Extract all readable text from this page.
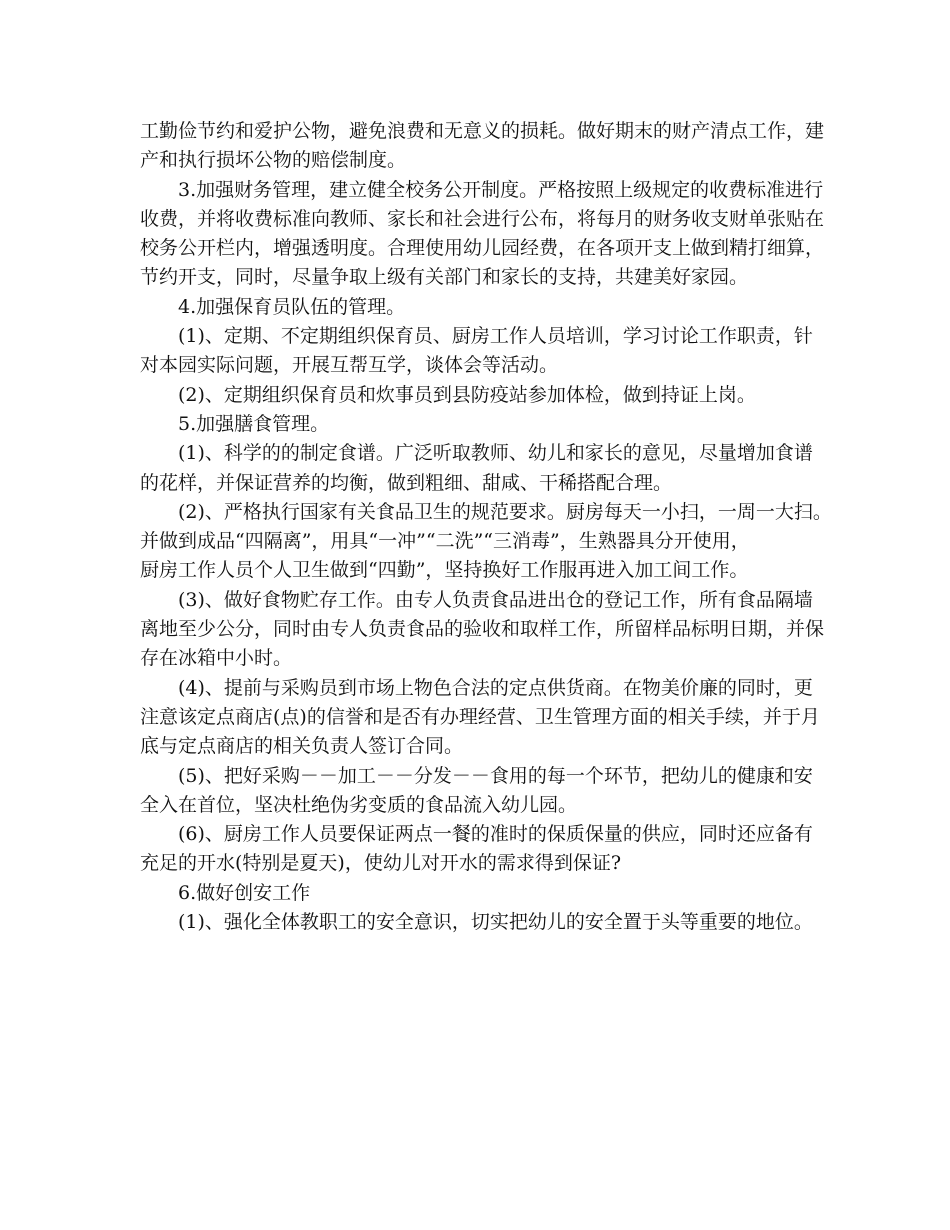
工勤俭节约和爱护公物，避免浪费和无意义的损耗。做好期末的财产清点工作，建
产和执行损坏公物的赔偿制度。

3.加强财务管理，建立健全校务公开制度。严格按照上级规定的收费标准进行
收费，并将收费标准向教师、家长和社会进行公布，将每月的财务收支财单张贴在
校务公开栏内，增强透明度。合理使用幼儿园经费，在各项开支上做到精打细算，
节约开支，同时，尽量争取上级有关部门和家长的支持，共建美好家园。

4.加强保育员队伍的管理。

(1)、定期、不定期组织保育员、厨房工作人员培训，学习讨论工作职责，针
对本园实际问题，开展互帮互学，谈体会等活动。

(2)、定期组织保育员和炊事员到县防疫站参加体检，做到持证上岗。

5.加强膳食管理。

(1)、科学的的制定食谱。广泛听取教师、幼儿和家长的意见，尽量增加食谱
的花样，并保证营养的均衡，做到粗细、甜咸、干稀搭配合理。

(2)、严格执行国家有关食品卫生的规范要求。厨房每天一小扫，一周一大扫。
并做到成品“四隔离”，用具“一冲”“二洗”“三消毒”，生熟器具分开使用，
厨房工作人员个人卫生做到“四勤”，坚持换好工作服再进入加工间工作。

(3)、做好食物贮存工作。由专人负责食品进出仓的登记工作，所有食品隔墙
离地至少公分，同时由专人负责食品的验收和取样工作，所留样品标明日期，并保
存在冰箱中小时。

(4)、提前与采购员到市场上物色合法的定点供货商。在物美价廉的同时，更
注意该定点商店(点)的信誉和是否有办理经营、卫生管理方面的相关手续，并于月
底与定点商店的相关负责人签订合同。

(5)、把好采购－－加工－－分发－－食用的每一个环节，把幼儿的健康和安
全入在首位，坚决杜绝伪劣变质的食品流入幼儿园。

(6)、厨房工作人员要保证两点一餐的准时的保质保量的供应，同时还应备有
充足的开水(特别是夏天)，使幼儿对开水的需求得到保证?

6.做好创安工作

(1)、强化全体教职工的安全意识，切实把幼儿的安全置于头等重要的地位。
